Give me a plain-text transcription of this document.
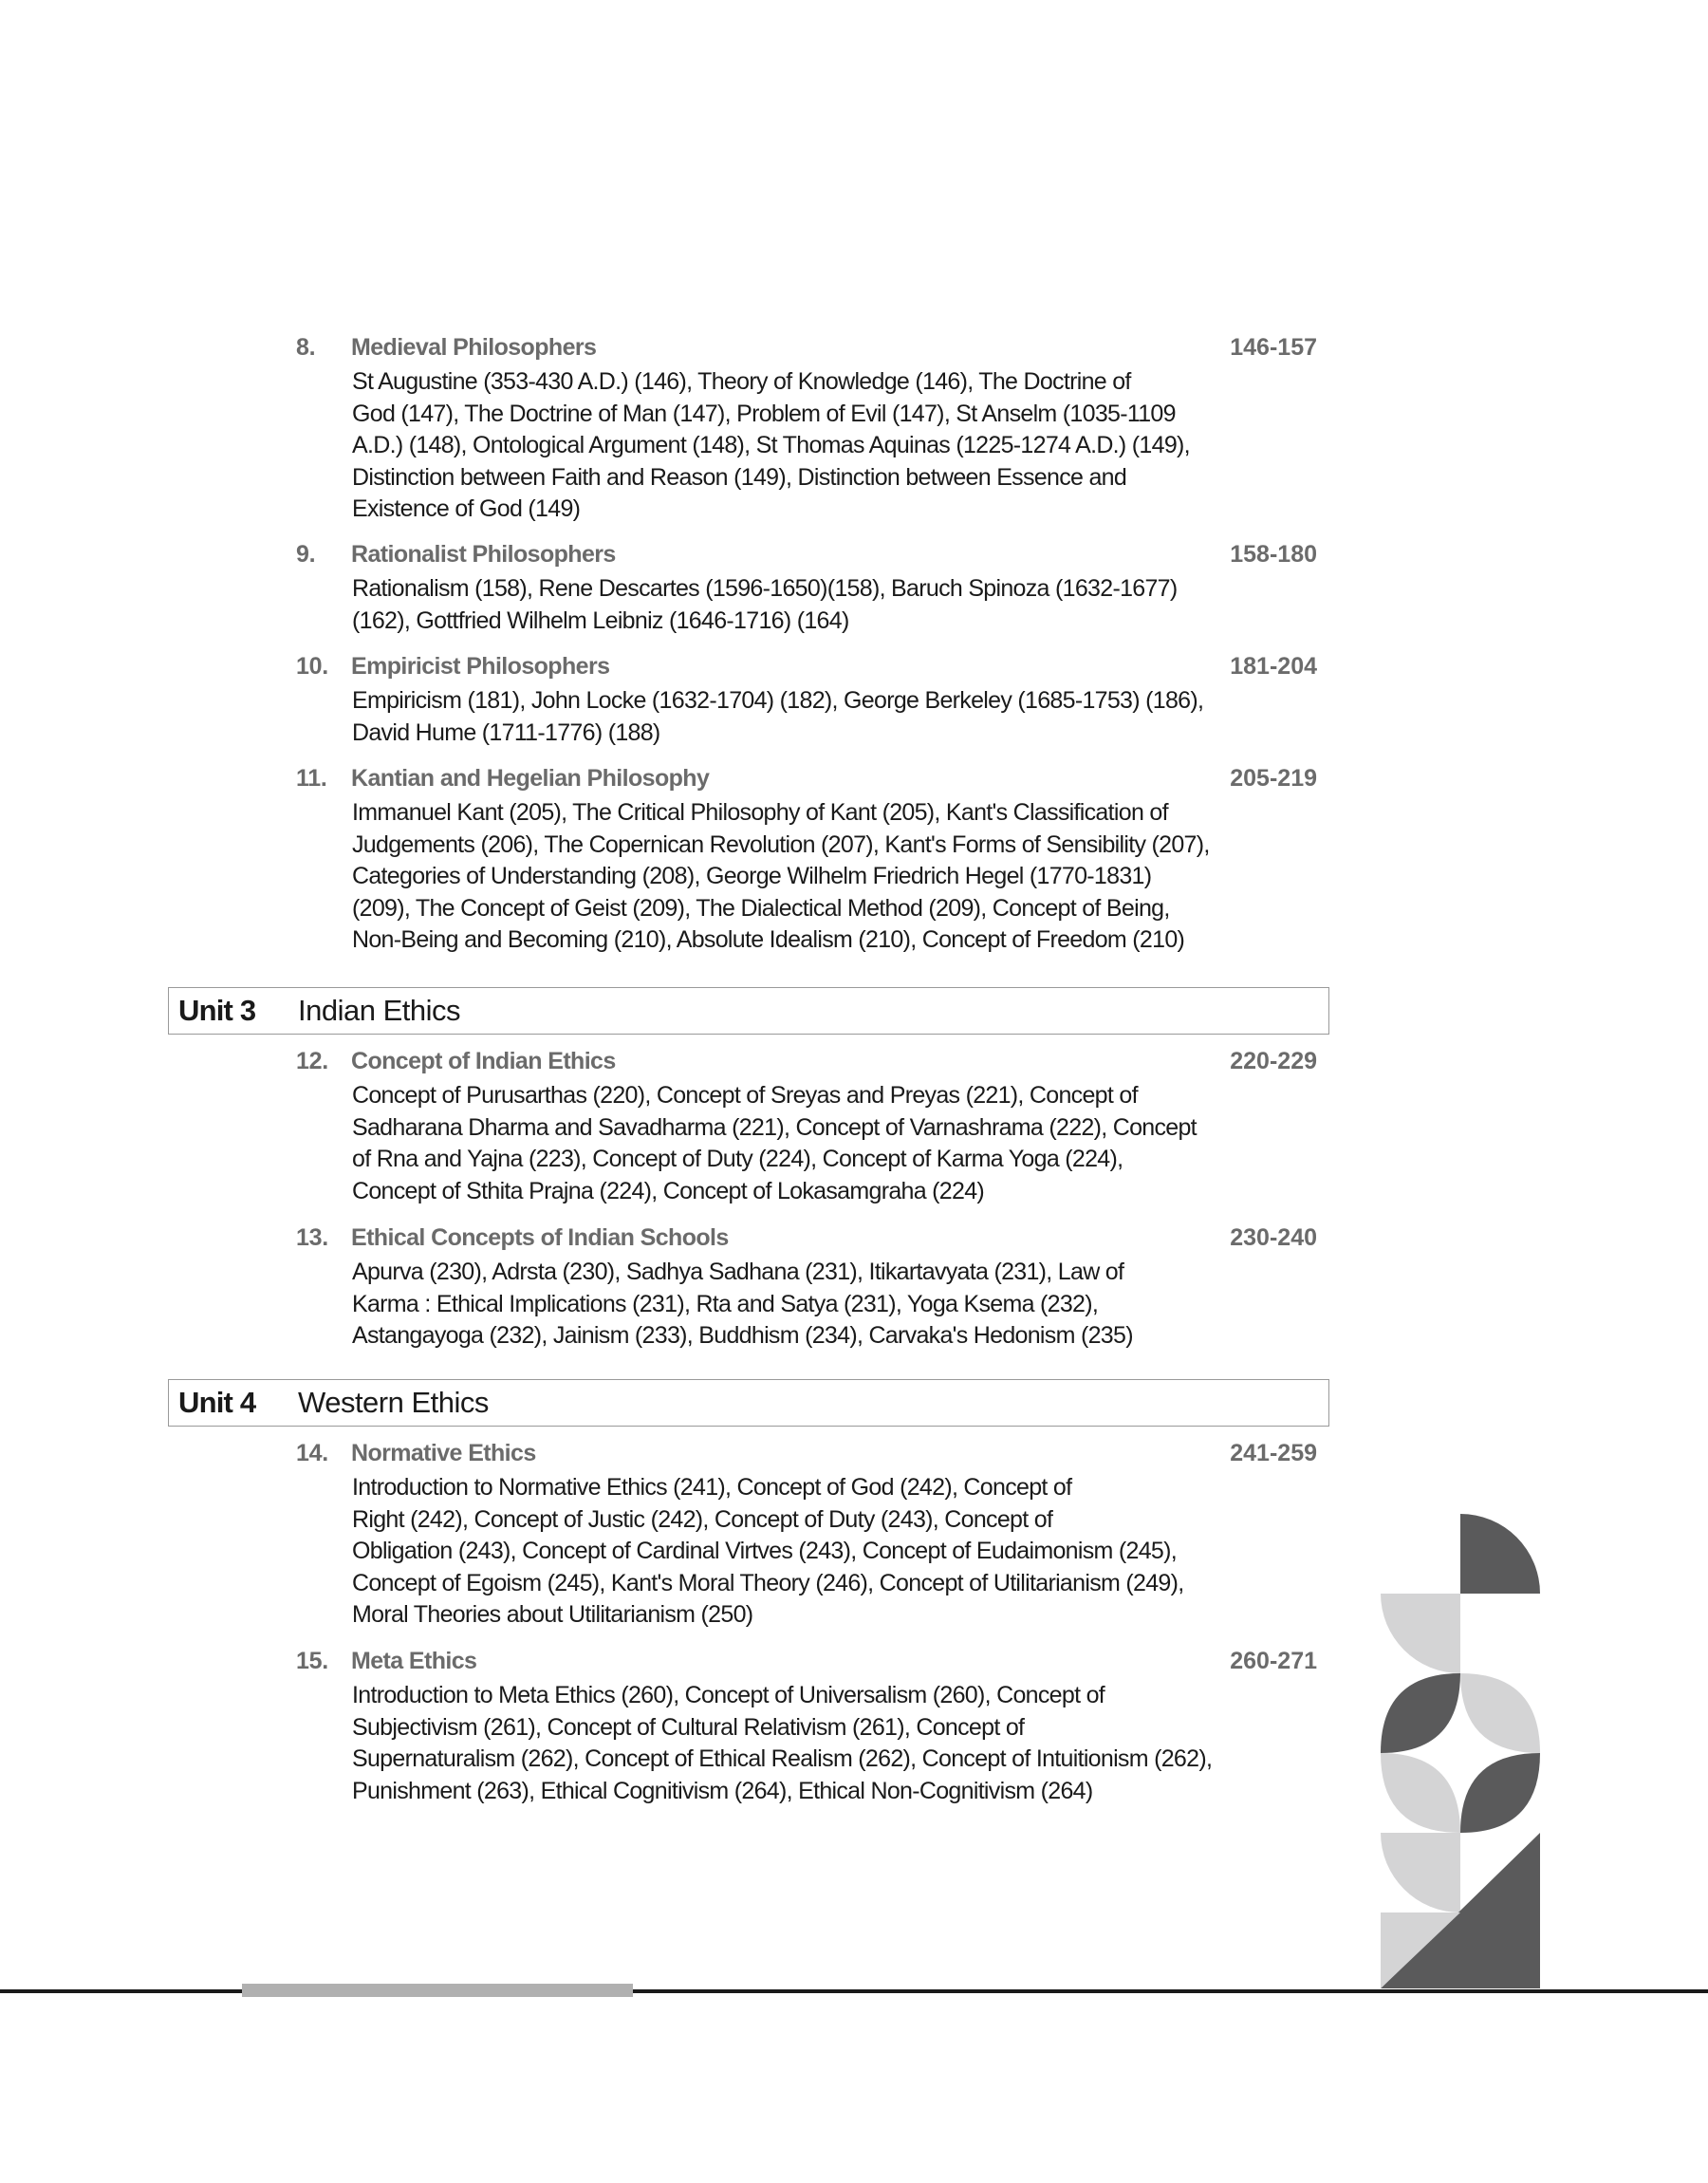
8. Medieval Philosophers	146-157
St Augustine (353-430 A.D.) (146), Theory of Knowledge (146), The Doctrine of
God (147), The Doctrine of Man (147), Problem of Evil (147), St Anselm (1035-1109
A.D.) (148), Ontological Argument (148), St Thomas Aquinas (1225-1274 A.D.) (149),
Distinction between Faith and Reason (149), Distinction between Essence and
Existence of God (149)
9. Rationalist Philosophers	158-180
Rationalism (158), Rene Descartes (1596-1650)(158), Baruch Spinoza (1632-1677)
(162), Gottfried Wilhelm Leibniz (1646-1716) (164)
10. Empiricist Philosophers	181-204
Empiricism (181), John Locke (1632-1704) (182), George Berkeley (1685-1753) (186),
David Hume (1711-1776) (188)
11. Kantian and Hegelian Philosophy	205-219
Immanuel Kant (205), The Critical Philosophy of Kant (205), Kant's Classification of
Judgements (206), The Copernican Revolution (207), Kant's Forms of Sensibility (207),
Categories of Understanding (208), George Wilhelm Friedrich Hegel (1770-1831)
(209), The Concept of Geist (209), The Dialectical Method (209), Concept of Being,
Non-Being and Becoming (210), Absolute Idealism (210), Concept of Freedom (210)
Unit 3 Indian Ethics
12. Concept of Indian Ethics	220-229
Concept of Purusarthas (220), Concept of Sreyas and Preyas (221), Concept of
Sadharana Dharma and Savadharma (221), Concept of Varnashrama (222), Concept
of Rna and Yajna (223), Concept of Duty (224), Concept of Karma Yoga (224),
Concept of Sthita Prajna (224), Concept of Lokasamgraha (224)
13. Ethical Concepts of Indian Schools	230-240
Apurva (230), Adrsta (230), Sadhya Sadhana (231), Itikartavyata (231), Law of
Karma : Ethical Implications (231), Rta and Satya (231), Yoga Ksema (232),
Astangayoga (232), Jainism (233), Buddhism (234), Carvaka's Hedonism (235)
Unit 4 Western Ethics
14. Normative Ethics	241-259
Introduction to Normative Ethics (241), Concept of God (242), Concept of
Right (242), Concept of Justic (242), Concept of Duty (243), Concept of
Obligation (243), Concept of Cardinal Virtves (243), Concept of Eudaimonism (245),
Concept of Egoism (245), Kant's Moral Theory (246), Concept of Utilitarianism (249),
Moral Theories about Utilitarianism (250)
15. Meta Ethics	260-271
Introduction to Meta Ethics (260), Concept of Universalism (260), Concept of
Subjectivism (261), Concept of Cultural Relativism (261), Concept of
Supernaturalism (262), Concept of Ethical Realism (262), Concept of Intuitionism (262),
Punishment (263), Ethical Cognitivism (264), Ethical Non-Cognitivism (264)
